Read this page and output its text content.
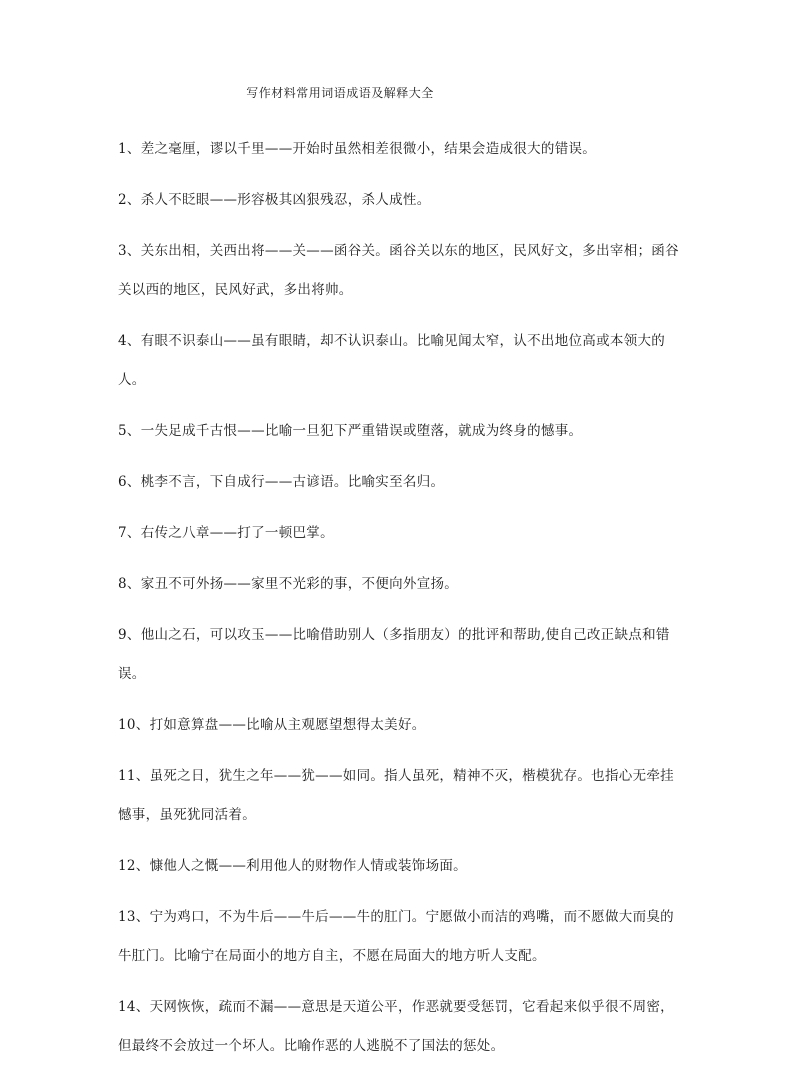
写作材料常用词语成语及解释大全

1、差之毫厘，谬以千里——开始时虽然相差很微小，结果会造成很大的错误。

2、杀人不眨眼——形容极其凶狠残忍，杀人成性。

3、关东出相，关西出将——关——函谷关。函谷关以东的地区，民风好文，多出宰相；函谷关以西的地区，民风好武，多出将帅。

4、有眼不识泰山——虽有眼睛，却不认识泰山。比喻见闻太窄，认不出地位高或本领大的人。

5、一失足成千古恨——比喻一旦犯下严重错误或堕落，就成为终身的憾事。

6、桃李不言，下自成行——古谚语。比喻实至名归。

7、右传之八章——打了一顿巴掌。

8、家丑不可外扬——家里不光彩的事，不便向外宣扬。

9、他山之石，可以攻玉——比喻借助别人（多指朋友）的批评和帮助,使自己改正缺点和错误。

10、打如意算盘——比喻从主观愿望想得太美好。

11、虽死之日，犹生之年——犹——如同。指人虽死，精神不灭，楷模犹存。也指心无牵挂憾事，虽死犹同活着。

12、慷他人之慨——利用他人的财物作人情或装饰场面。

13、宁为鸡口，不为牛后——牛后——牛的肛门。宁愿做小而洁的鸡嘴，而不愿做大而臭的牛肛门。比喻宁在局面小的地方自主，不愿在局面大的地方听人支配。

14、天网恢恢，疏而不漏——意思是天道公平，作恶就要受惩罚，它看起来似乎很不周密，但最终不会放过一个坏人。比喻作恶的人逃脱不了国法的惩处。
